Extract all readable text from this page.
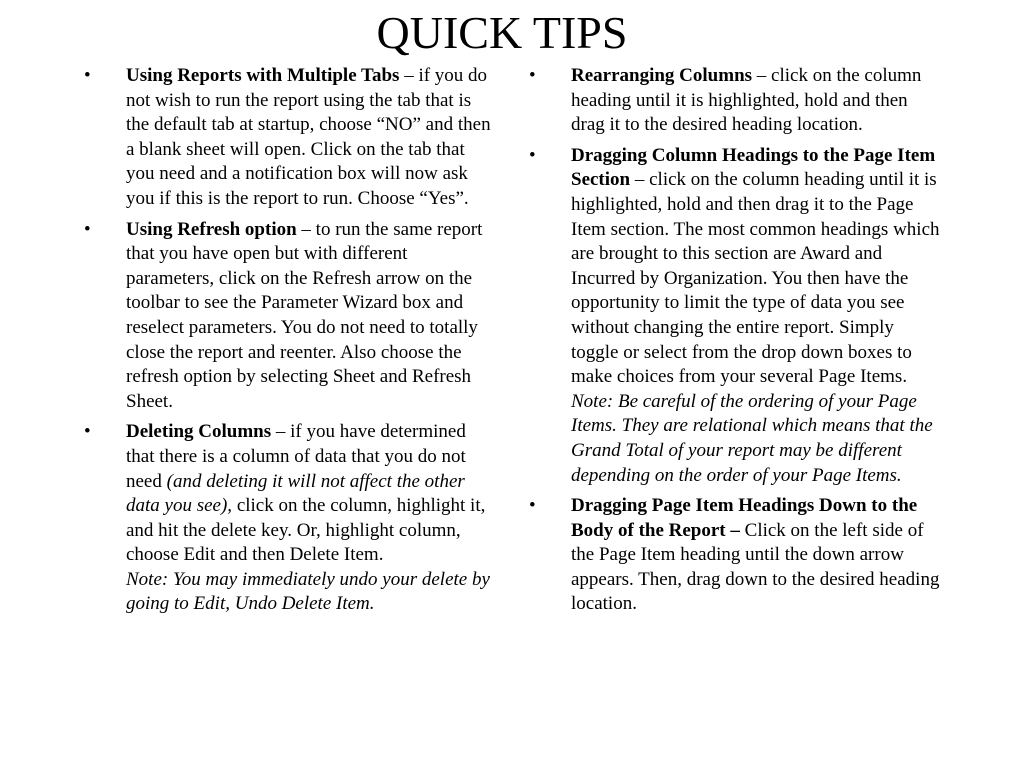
QUICK TIPS
•	Using Reports with Multiple Tabs – if you do not wish to run the report using the tab that is the default tab at startup, choose “NO” and then a blank sheet will open. Click on the tab that you need and a notification box will now ask you if this is the report to run. Choose “Yes”.
•	Using Refresh option – to run the same report that you have open but with different parameters, click on the Refresh arrow on the toolbar to see the Parameter Wizard box and reselect parameters. You do not need to totally close the report and reenter. Also choose the refresh option by selecting Sheet and Refresh Sheet.
•	Deleting Columns – if you have determined that there is a column of data that you do not need (and deleting it will not affect the other data you see), click on the column, highlight it, and hit the delete key. Or, highlight column, choose Edit and then Delete Item.
Note: You may immediately undo your delete by going to Edit, Undo Delete Item.
•	Rearranging Columns – click on the column heading until it is highlighted, hold and then drag it to the desired heading location.
•	Dragging Column Headings to the Page Item Section – click on the column heading until it is highlighted, hold and then drag it to the Page Item section. The most common headings which are brought to this section are Award and Incurred by Organization. You then have the opportunity to limit the type of data you see without changing the entire report. Simply toggle or select from the drop down boxes to make choices from your several Page Items. Note: Be careful of the ordering of your Page Items. They are relational which means that the Grand Total of your report may be different depending on the order of your Page Items.
•	Dragging Page Item Headings Down to the Body of the Report – Click on the left side of the Page Item heading until the down arrow appears. Then, drag down to the desired heading location.
